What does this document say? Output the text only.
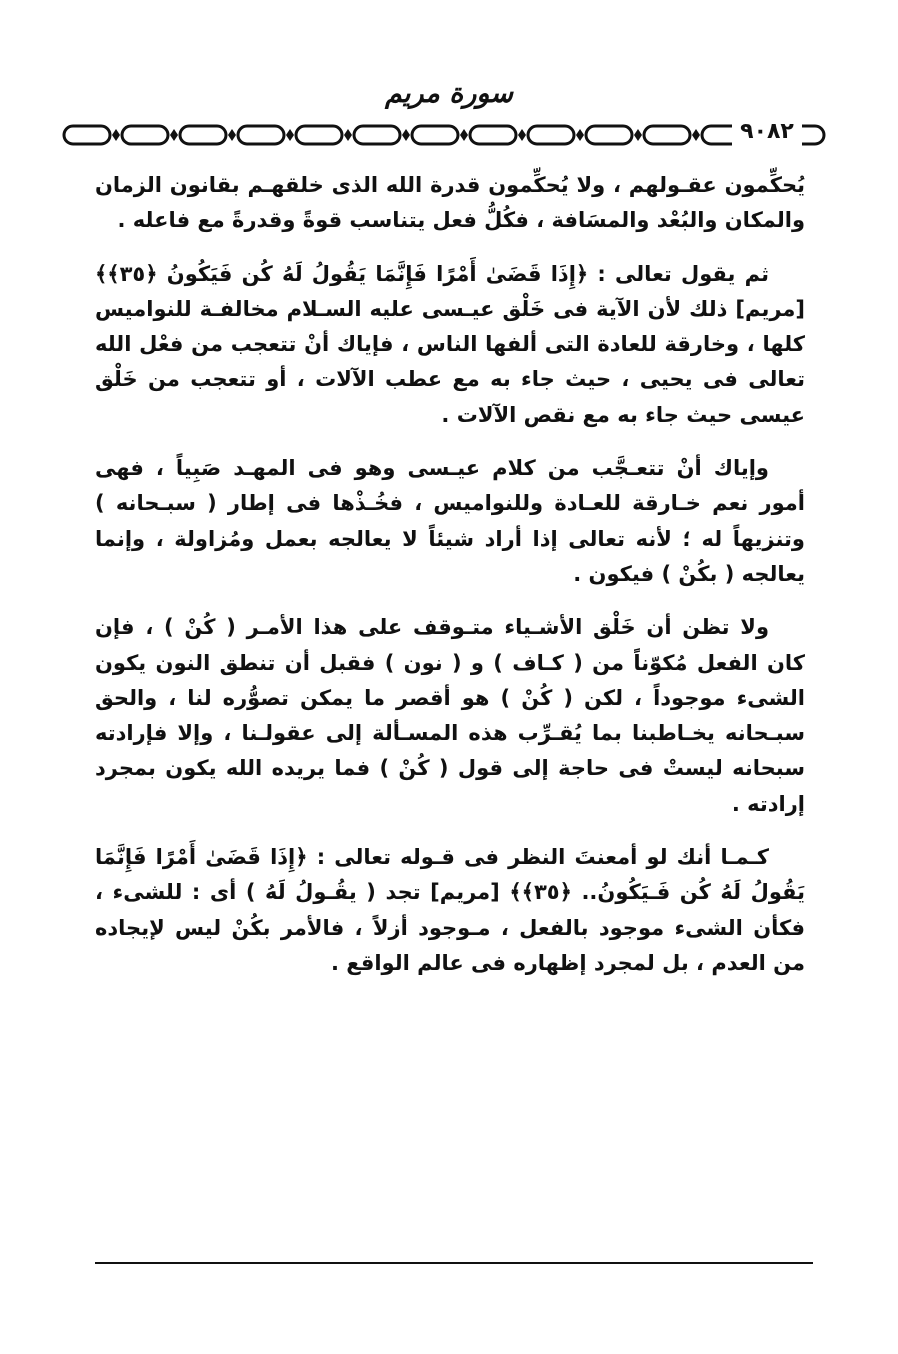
سورة مريم
٩٠٨٢

يُحكِّمون عقـولهم ، ولا يُحكِّمون قدرة الله الذى خلقهـم بقانون الزمان والمكان والبُعْد والمسَافة ، فكُلُّ فعل يتناسب قوةً وقدرةً مع فاعله .

ثم يقول تعالى : ﴿إِذَا قَضَىٰ أَمْرًا فَإِنَّمَا يَقُولُ لَهُ كُن فَيَكُونُ ﴿٣٥﴾﴾ [مريم] ذلك لأن الآية فى خَلْق عيـسى عليه السـلام مخالفـة للنواميس كلها ، وخارقة للعادة التى ألفها الناس ، فإياك أنْ تتعجب من فعْل الله تعالى فى يحيى ، حيث جاء به مع عطب الآلات ، أو تتعجب من خَلْق عيسى حيث جاء به مع نقص الآلات .

وإياك أنْ تتعـجَّب من كلام عيـسى وهو فى المهـد صَبِياً ، فهى أمور نعم خـارقة للعـادة وللنواميس ، فخُـذْها فى إطار ( سبـحانه ) وتنزيهاً له ؛ لأنه تعالى إذا أراد شيئاً لا يعالجه بعمل ومُزاولة ، وإنما يعالجه ( بكُنْ ) فيكون .

ولا تظن أن خَلْق الأشـياء متـوقف على هذا الأمـر ( كُنْ ) ، فإن كان الفعل مُكوّناً من ( كـاف ) و ( نون ) فقبل أن تنطق النون يكون الشىء موجوداً ، لكن ( كُنْ ) هو أقصر ما يمكن تصوُّره لنا ، والحق سبـحانه يخـاطبنا بما يُقـرِّب هذه المسـألة إلى عقولـنا ، وإلا فإرادته سبحانه ليستْ فى حاجة إلى قول ( كُنْ ) فما يريده الله يكون بمجرد إرادته .

كـمـا أنك لو أمعنتَ النظر فى قـوله تعالى : ﴿إِذَا قَضَىٰ أَمْرًا فَإِنَّمَا يَقُولُ لَهُ كُن فَـيَكُونُ.. ﴿٣٥﴾﴾ [مريم] تجد ( يقُـولُ لَهُ ) أى : للشىء ، فكأن الشىء موجود بالفعل ، مـوجود أزلاً ، فالأمر بكُنْ ليس لإيجاده من العدم ، بل لمجرد إظهاره فى عالم الواقع .
